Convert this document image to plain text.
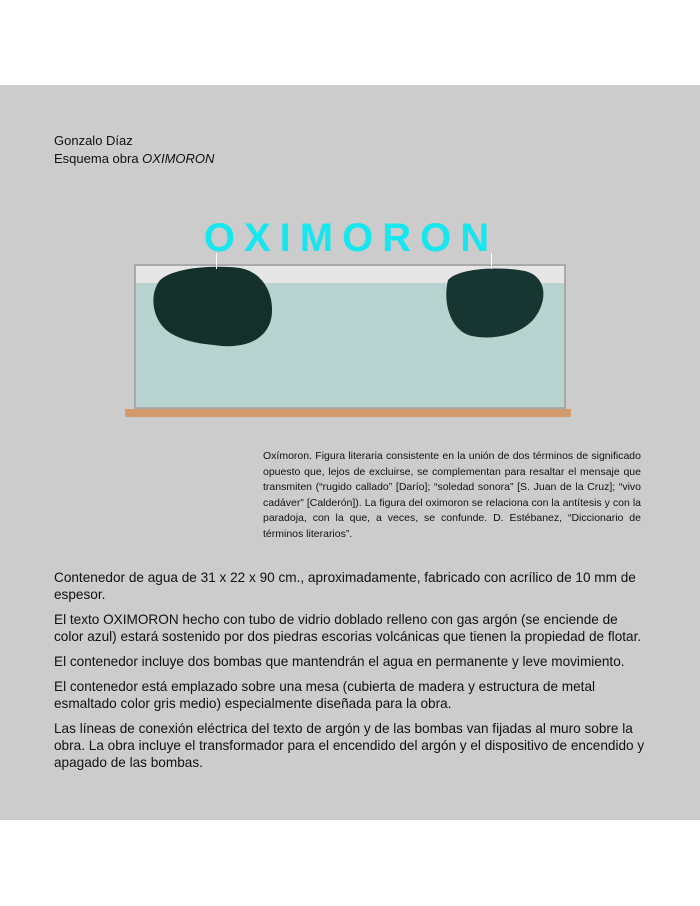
Gonzalo Díaz
Esquema obra OXIMORON
OXIMORON
Oxímoron. Figura literaria consistente en la unión de dos términos de significado opuesto que, lejos de excluirse, se complementan para resaltar el mensaje que transmiten (“rugido callado” [Darío]; “soledad sonora” [S. Juan de la Cruz]; “vivo cadáver” [Calderón]). La figura del oximoron se relaciona con la antítesis y con la paradoja, con la que, a veces, se confunde. D. Estébanez, “Diccionario de términos literarios”.

Contenedor de agua de 31 x 22 x 90 cm., aproximadamente, fabricado con acrílico de 10 mm de espesor.

El texto OXIMORON hecho con tubo de vidrio doblado relleno con gas argón (se enciende de color azul) estará sostenido por dos piedras escorias volcánicas que tienen la propiedad de flotar.

El contenedor incluye dos bombas que mantendrán el agua en permanente y leve movimiento.

El contenedor está emplazado sobre una mesa (cubierta de madera y estructura de metal esmaltado color gris medio) especialmente diseñada para la obra.

Las líneas de conexión eléctrica del texto de argón y de las bombas van fijadas al muro sobre la obra. La obra incluye el transformador para el encendido del argón y el dispositivo de encendido y apagado de las bombas.
